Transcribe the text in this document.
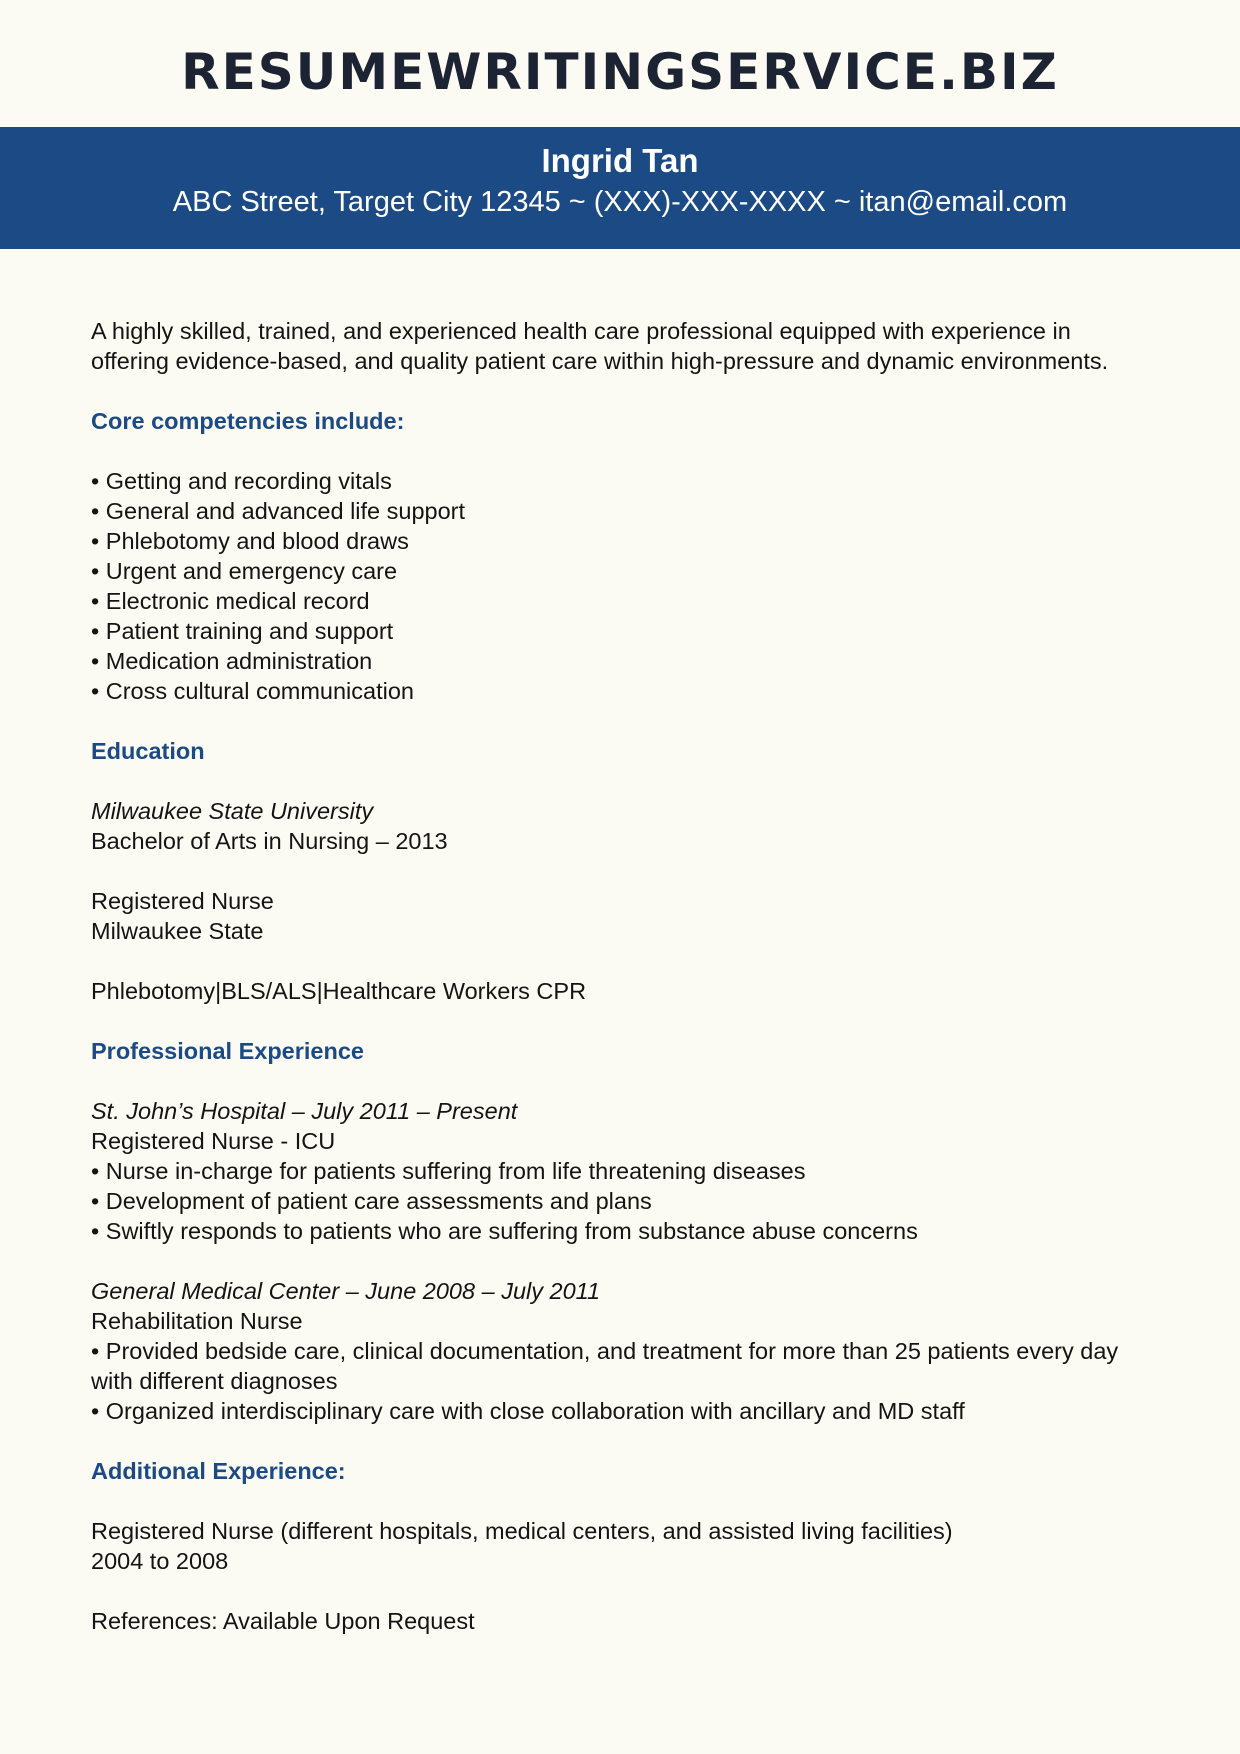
RESUMEWRITINGSERVICE.BIZ
Ingrid Tan
ABC Street, Target City 12345 ~ (XXX)-XXX-XXXX ~ itan@email.com

A highly skilled, trained, and experienced health care professional equipped with experience in offering evidence-based, and quality patient care within high-pressure and dynamic environments.

Core competencies include:

• Getting and recording vitals
• General and advanced life support
• Phlebotomy and blood draws
• Urgent and emergency care
• Electronic medical record
• Patient training and support
• Medication administration
• Cross cultural communication

Education

Milwaukee State University

Bachelor of Arts in Nursing – 2013

Registered Nurse

Milwaukee State

Phlebotomy|BLS/ALS|Healthcare Workers CPR

Professional Experience

St. John’s Hospital – July 2011 – Present

Registered Nurse - ICU

• Nurse in-charge for patients suffering from life threatening diseases
• Development of patient care assessments and plans
• Swiftly responds to patients who are suffering from substance abuse concerns

General Medical Center – June 2008 – July 2011

Rehabilitation Nurse

• Provided bedside care, clinical documentation, and treatment for more than 25 patients every day with different diagnoses
• Organized interdisciplinary care with close collaboration with ancillary and MD staff

Additional Experience:

Registered Nurse (different hospitals, medical centers, and assisted living facilities)

2004 to 2008

References: Available Upon Request
